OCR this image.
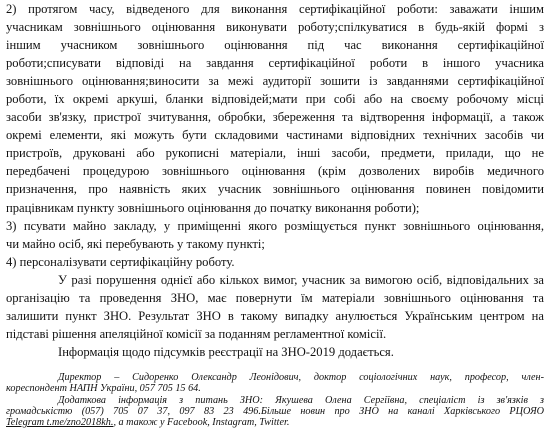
2) протягом часу, відведеного для виконання сертифікаційної роботи: заважати іншим
учасникам зовнішнього оцінювання виконувати роботу;спілкуватися в будь-якій формі з
іншим учасником зовнішнього оцінювання під час виконання сертифікаційної
роботи;списувати відповіді на завдання сертифікаційної роботи в іншого учасника
зовнішнього оцінювання;виносити за межі аудиторії зошити із завданнями сертифікаційної
роботи, їх окремі аркуші, бланки відповідей;мати при собі або на своєму робочому місці
засоби зв'язку, пристрої зчитування, обробки, збереження та відтворення інформації, а також
окремі елементи, які можуть бути складовими частинами відповідних технічних засобів чи
пристроїв, друковані або рукописні матеріали, інші засоби, предмети, прилади, що не
передбачені процедурою зовнішнього оцінювання (крім дозволених виробів медичного
призначення, про наявність яких учасник зовнішнього оцінювання повинен повідомити
працівникам пункту зовнішнього оцінювання до початку виконання роботи);
3) псувати майно закладу, у приміщенні якого розміщується пункт зовнішнього оцінювання,
чи майно осіб, які перебувають у такому пункті;
4) персоналізувати сертифікаційну роботу.
У разі порушення однієї або кількох вимог, учасник за вимогою осіб, відповідальних за
організацію та проведення ЗНО, має повернути їм матеріали зовнішнього оцінювання та
залишити пункт ЗНО. Результат ЗНО в такому випадку анулюється Українським центром на
підставі рішення апеляційної комісії за поданням регламентної комісії.
Інформація щодо підсумків реєстрації на ЗНО-2019 додається.
Директор – Сидоренко Олександр Леонідович, доктор соціологічних наук, професор, член-
кореспондент НАПН України, 057 705 15 64.
Додаткова інформація з питань ЗНО: Якушева Олена Сергіївна, спеціаліст із зв'язків з
громадськістю (057) 705 07 37, 097 83 23 496.Більше новин про ЗНО на каналі Харківського РЦОЯО
Telegram t.me/zno2018kh., а також у Facebook, Instagram, Twitter.
